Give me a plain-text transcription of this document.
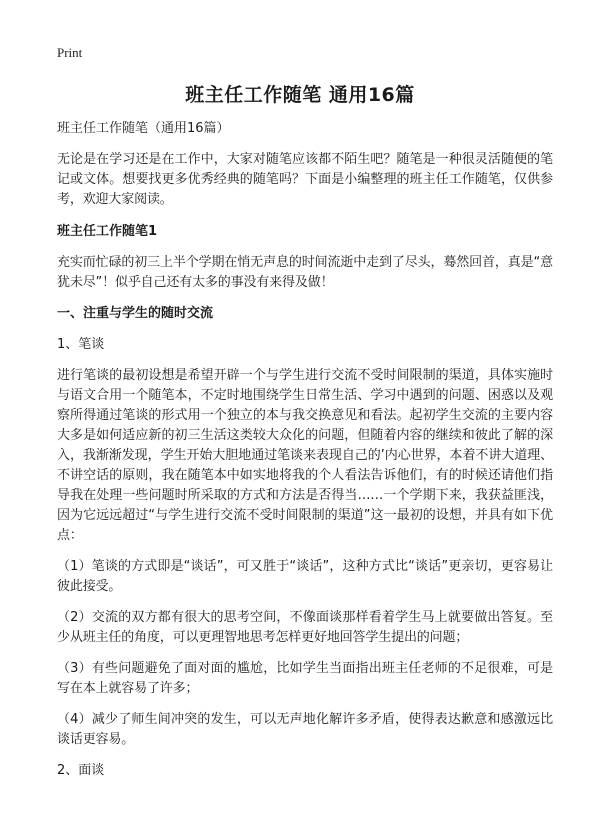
Print
班主任工作随笔 通用16篇

班主任工作随笔（通用16篇）

无论是在学习还是在工作中，大家对随笔应该都不陌生吧？随笔是一种很灵活随便的笔记或文体。想要找更多优秀经典的随笔吗？下面是小编整理的班主任工作随笔，仅供参考，欢迎大家阅读。

班主任工作随笔1

充实而忙碌的初三上半个学期在悄无声息的时间流逝中走到了尽头，蓦然回首，真是“意犹未尽”！似乎自己还有太多的事没有来得及做！

一、注重与学生的随时交流

1、笔谈

进行笔谈的最初设想是希望开辟一个与学生进行交流不受时间限制的渠道，具体实施时与语文合用一个随笔本，不定时地围绕学生日常生活、学习中遇到的问题、困惑以及观察所得通过笔谈的形式用一个独立的本与我交换意见和看法。起初学生交流的主要内容大多是如何适应新的初三生活这类较大众化的问题，但随着内容的继续和彼此了解的深入，我渐渐发现，学生开始大胆地通过笔谈来表现自己的’内心世界，本着不讲大道理、不讲空话的原则，我在随笔本中如实地将我的个人看法告诉他们，有的时候还请他们指导我在处理一些问题时所采取的方式和方法是否得当……一个学期下来，我获益匪浅，因为它远远超过“与学生进行交流不受时间限制的渠道”这一最初的设想，并具有如下优点：

（1）笔谈的方式即是“谈话”，可又胜于“谈话”，这种方式比“谈话”更亲切，更容易让彼此接受。

（2）交流的双方都有很大的思考空间，不像面谈那样看着学生马上就要做出答复。至少从班主任的角度，可以更理智地思考怎样更好地回答学生提出的问题；

（3）有些问题避免了面对面的尴尬，比如学生当面指出班主任老师的不足很难，可是写在本上就容易了许多；

（4）减少了师生间冲突的发生，可以无声地化解许多矛盾，使得表达歉意和感激远比谈话更容易。

2、面谈
